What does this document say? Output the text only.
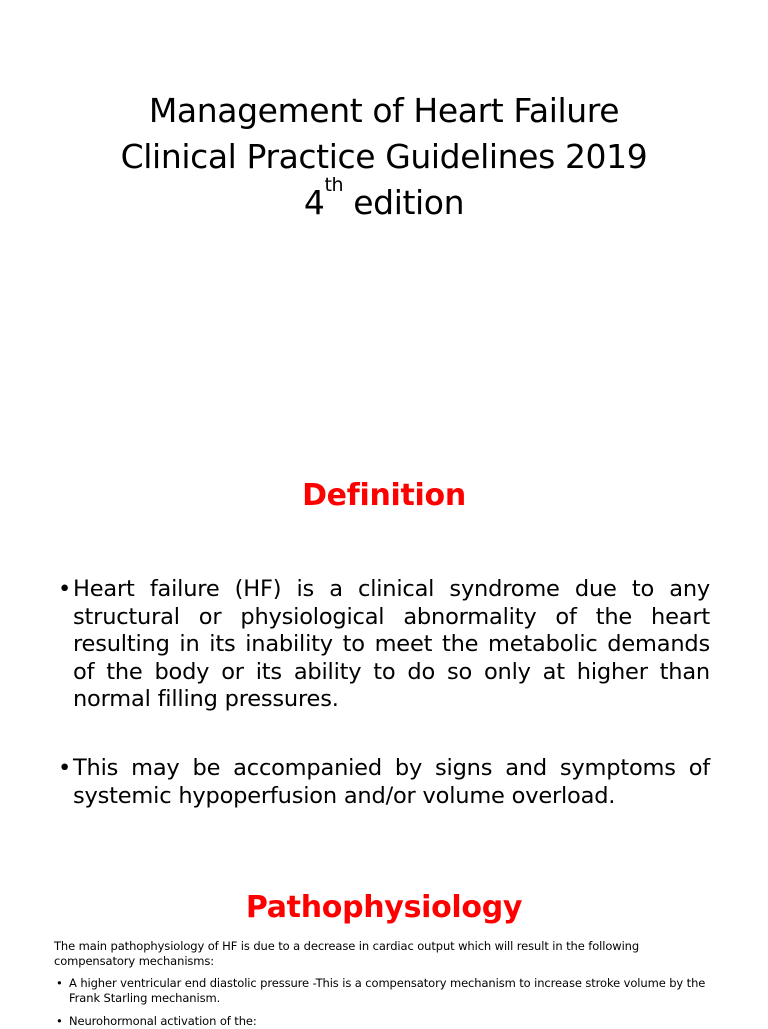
Management of Heart Failure
Clinical Practice Guidelines 2019
4th edition
Definition
• Heart failure (HF) is a clinical syndrome due to any structural or physiological abnormality of the heart resulting in its inability to meet the metabolic demands of the body or its ability to do so only at higher than normal filling pressures.
• This may be accompanied by signs and symptoms of systemic hypoperfusion and/or volume overload.
Pathophysiology
The main pathophysiology of HF is due to a decrease in cardiac output which will result in the following compensatory mechanisms:
• A higher ventricular end diastolic pressure -This is a compensatory mechanism to increase stroke volume by the Frank Starling mechanism.
• Neurohormonal activation of the:
